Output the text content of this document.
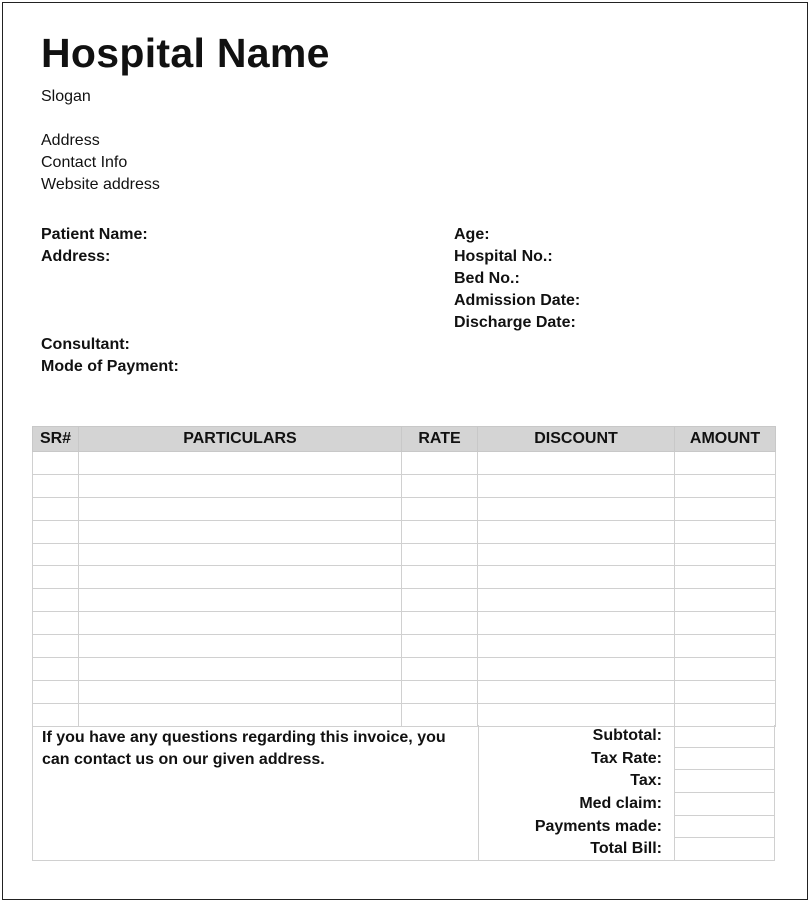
Hospital Name
Slogan
Address
Contact Info
Website address
Patient Name:
Address:
Consultant:
Mode of Payment:
Age:
Hospital No.:
Bed No.:
Admission Date:
Discharge Date:
SR#	PARTICULARS	RATE	DISCOUNT	AMOUNT

If you have any questions regarding this invoice, you can contact us on our given address.
Subtotal:
Tax Rate:
Tax:
Med claim:
Payments made:
Total Bill:
